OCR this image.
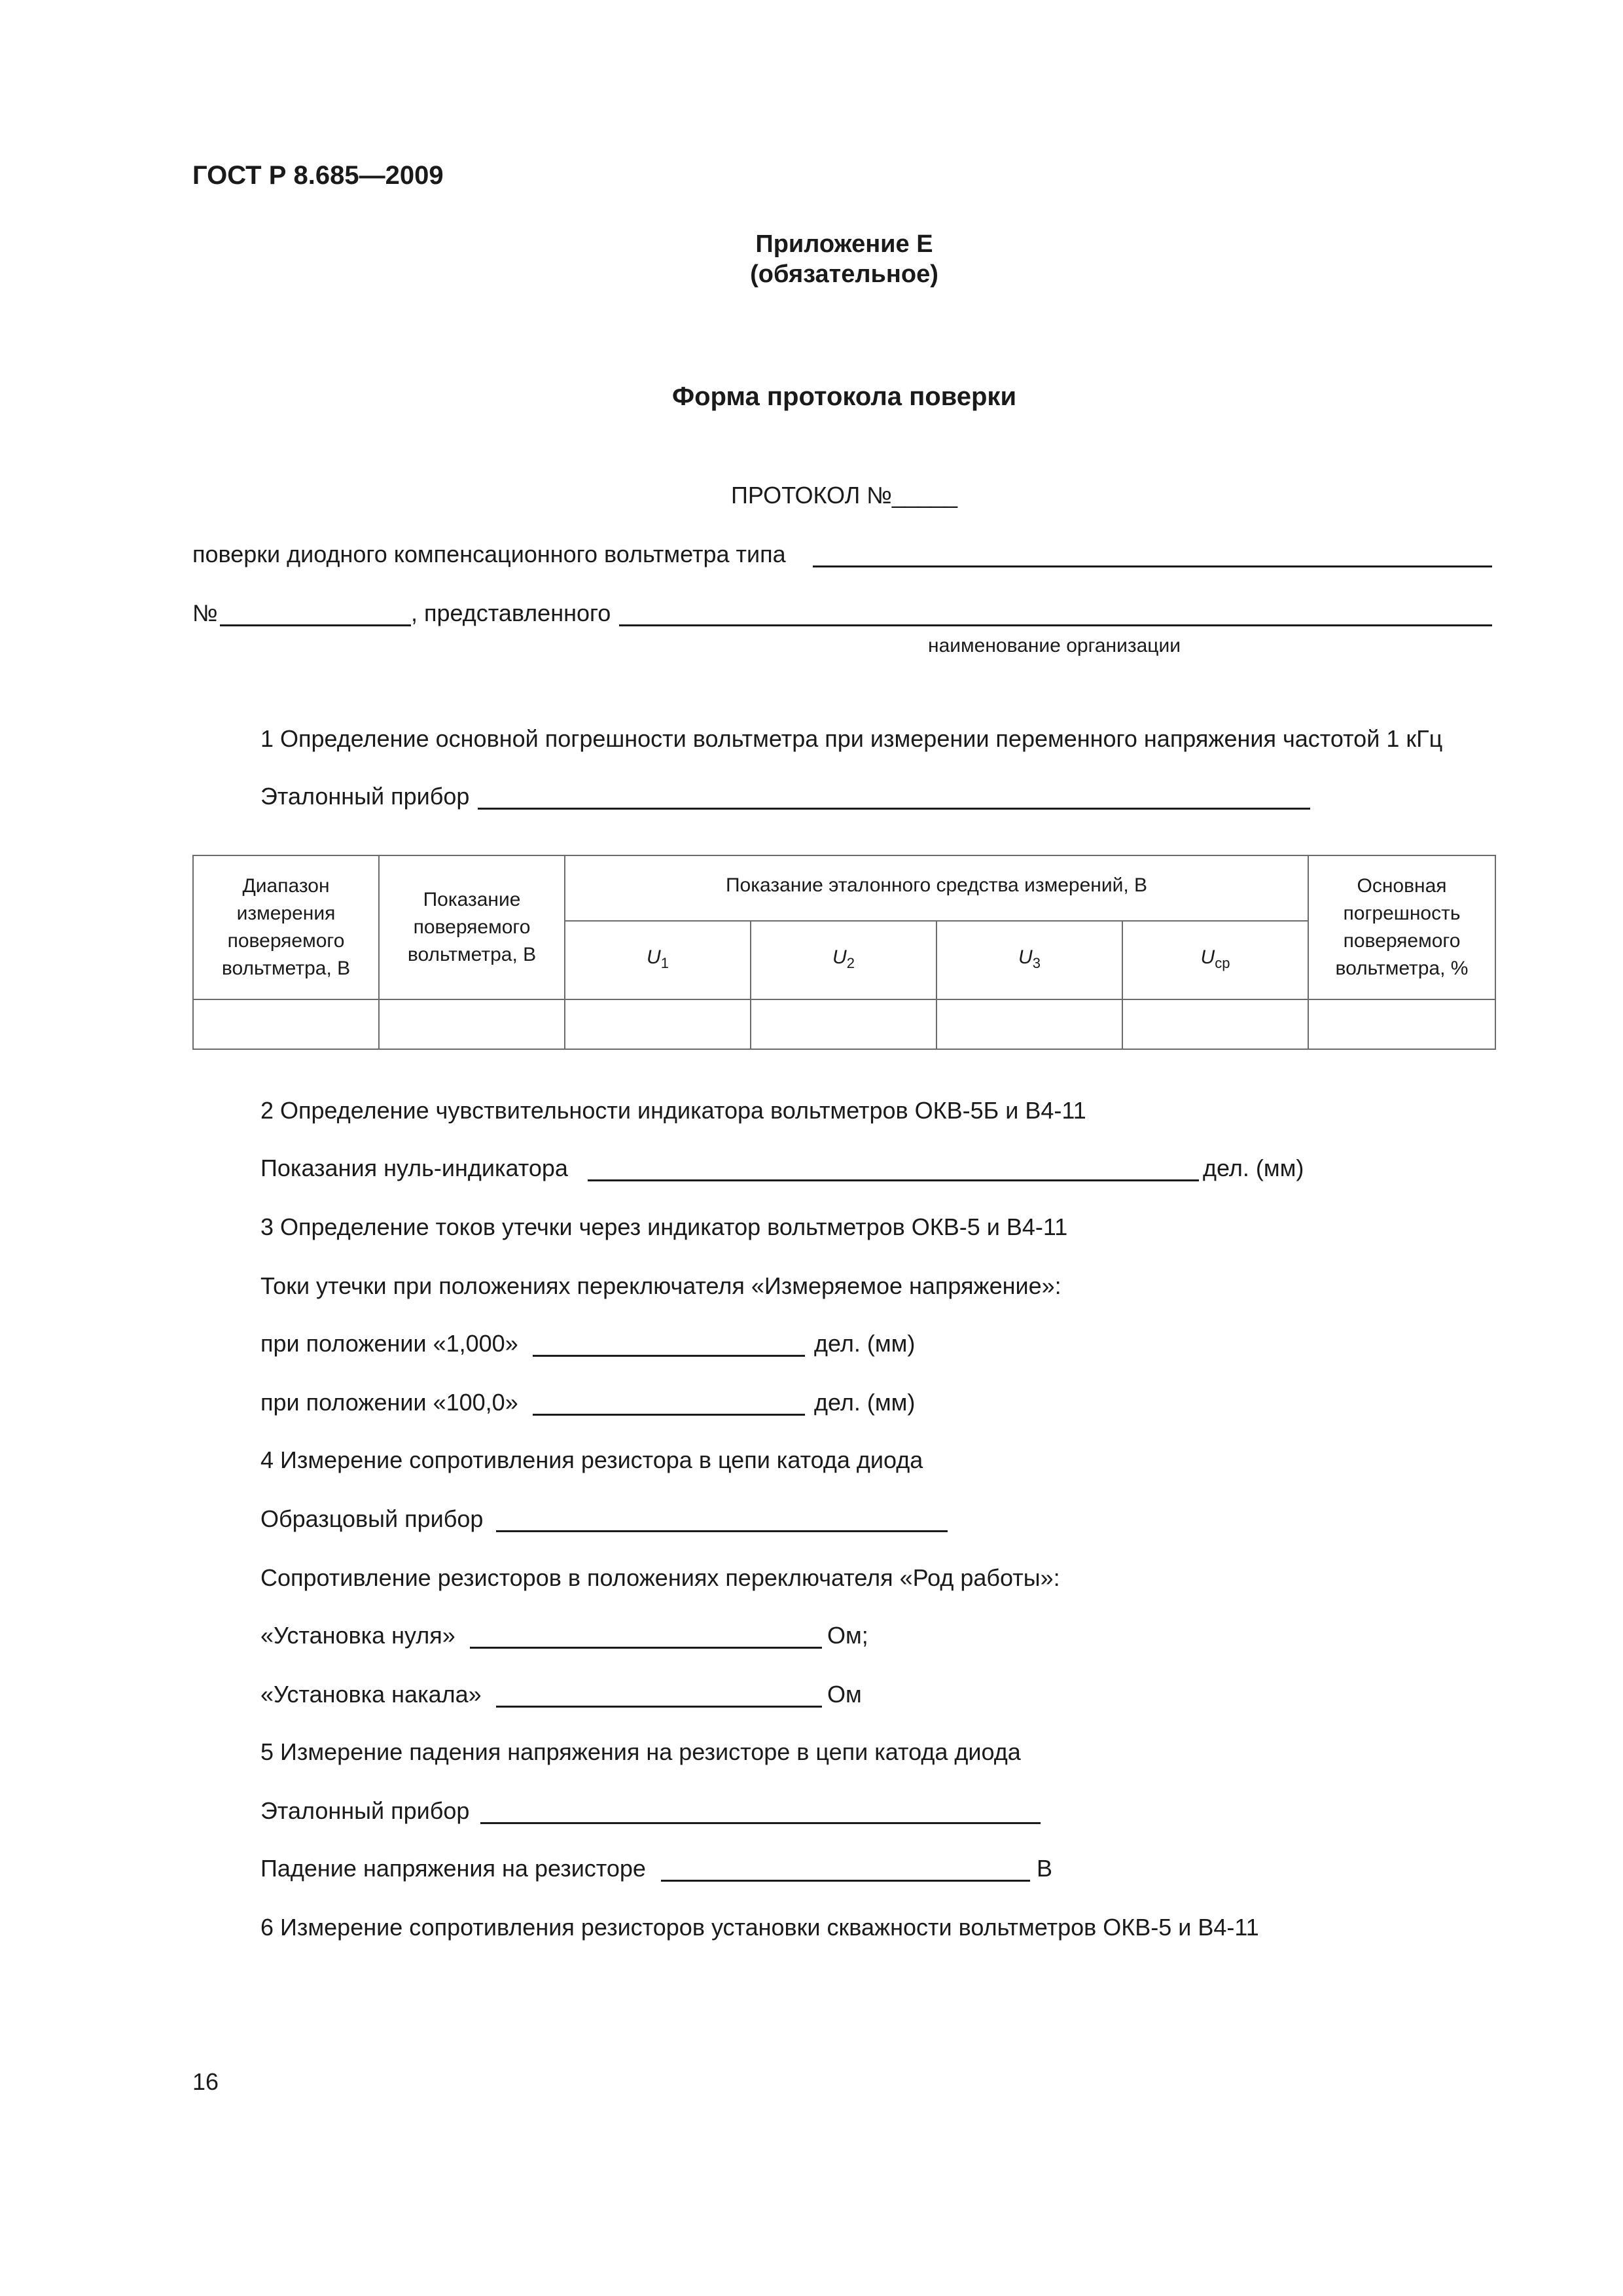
ГОСТ Р 8.685—2009
Приложение Е
(обязательное)
Форма протокола поверки
ПРОТОКОЛ №_____
поверки диодного компенсационного вольтметра типа
№	, представленного
наименование организации
1 Определение основной погрешности вольтметра при измерении переменного напряжения частотой 1 кГц
Эталонный прибор
Диапазон измерения поверяемого вольтметра, В	Показание поверяемого вольтметра, В	Показание эталонного средства измерений, В				Основная погрешность поверяемого вольтметра, %
		$U_1$	$U_2$	$U_3$	$U_{ср}$

2 Определение чувствительности индикатора вольтметров ОКВ-5Б и В4-11
Показания нуль-индикатора	дел. (мм)
3 Определение токов утечки через индикатор вольтметров ОКВ-5 и В4-11
Токи утечки при положениях переключателя «Измеряемое напряжение»:
при положении «1,000»	дел. (мм)
при положении «100,0»	дел. (мм)
4 Измерение сопротивления резистора в цепи катода диода
Образцовый прибор
Сопротивление резисторов в положениях переключателя «Род работы»:
«Установка нуля»	Ом;
«Установка накала»	Ом
5 Измерение падения напряжения на резисторе в цепи катода диода
Эталонный прибор
Падение напряжения на резисторе	В
6 Измерение сопротивления резисторов установки скважности вольтметров ОКВ-5 и В4-11
16
